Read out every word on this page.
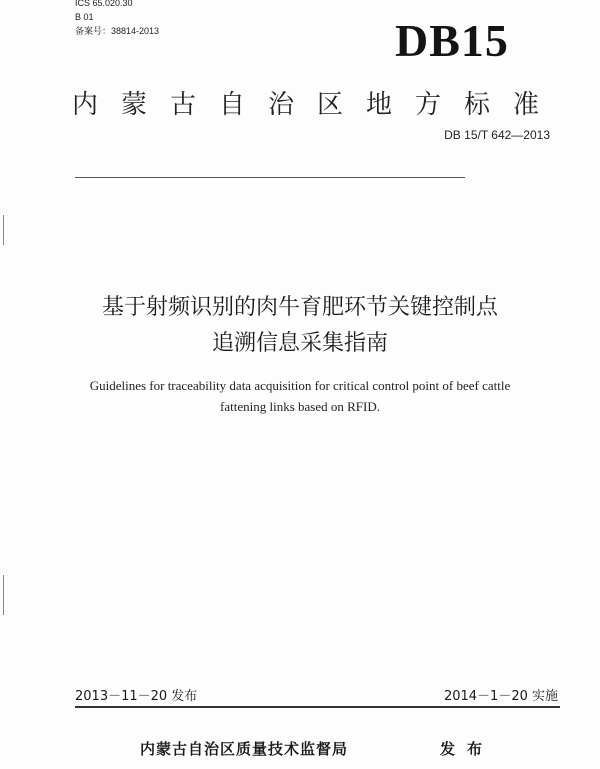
ICS 65.020.30
B 01
备案号：38814-2013	DB15
内蒙古自治区地方标准
DB 15/T 642—2013
基于射频识别的肉牛育肥环节关键控制点
追溯信息采集指南
Guidelines for traceability data acquisition for critical control point of beef cattle
fattening links based on RFID.
2013－11－20 发布	2014－1－20 实施
内蒙古自治区质量技术监督局	发布
